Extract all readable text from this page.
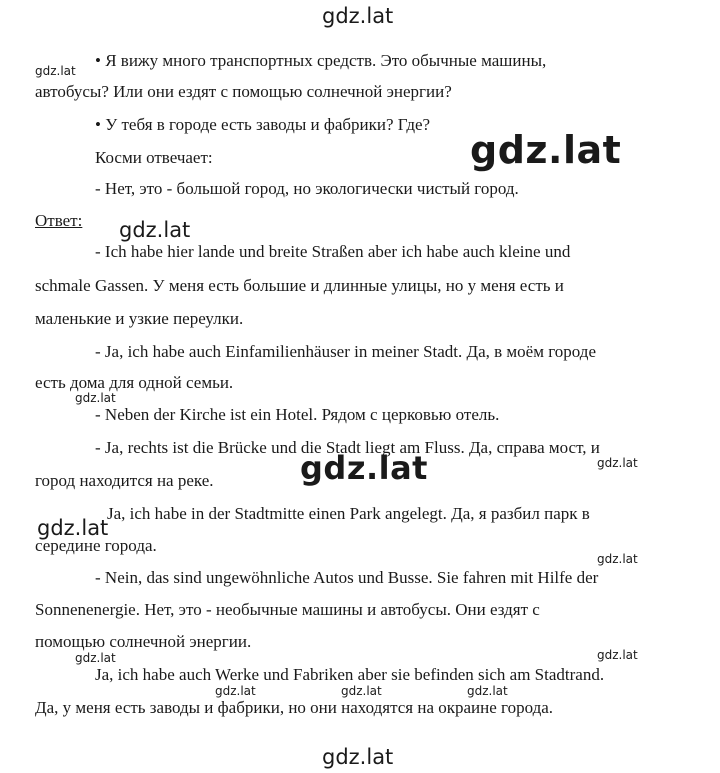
gdz.lat
gdz.lat
gdz.lat
gdz.lat
gdz.lat
gdz.lat
gdz.lat
gdz.lat
gdz.lat
gdz.lat	gdz.lat
gdz.lat	gdz.lat	gdz.lat
gdz.lat
• Я вижу много транспортных средств. Это обычные машины,
автобусы? Или они ездят с помощью солнечной энергии?
• У тебя в городе есть заводы и фабрики? Где?
Косми отвечает:
- Нет, это - большой город, но экологически чистый город.
Ответ:
- Ich habe hier lande und breite Straßen aber ich habe auch kleine und
schmale Gassen. У меня есть большие и длинные улицы, но у меня есть и
маленькие и узкие переулки.
- Ja, ich habe auch Einfamilienhäuser in meiner Stadt. Да, в моём городе
есть дома для одной семьи.
- Neben der Kirche ist ein Hotel. Рядом с церковью отель.
- Ja, rechts ist die Brücke und die Stadt liegt am Fluss. Да, справа мост, и
город находится на реке.
Ja, ich habe in der Stadtmitte einen Park angelegt. Да, я разбил парк в
середине города.
- Nein, das sind ungewöhnliche Autos und Busse. Sie fahren mit Hilfe der
Sonnenenergie. Нет, это - необычные машины и автобусы. Они ездят с
помощью солнечной энергии.
Ja, ich habe auch Werke und Fabriken aber sie befinden sich am Stadtrand.
Да, у меня есть заводы и фабрики, но они находятся на окраине города.
